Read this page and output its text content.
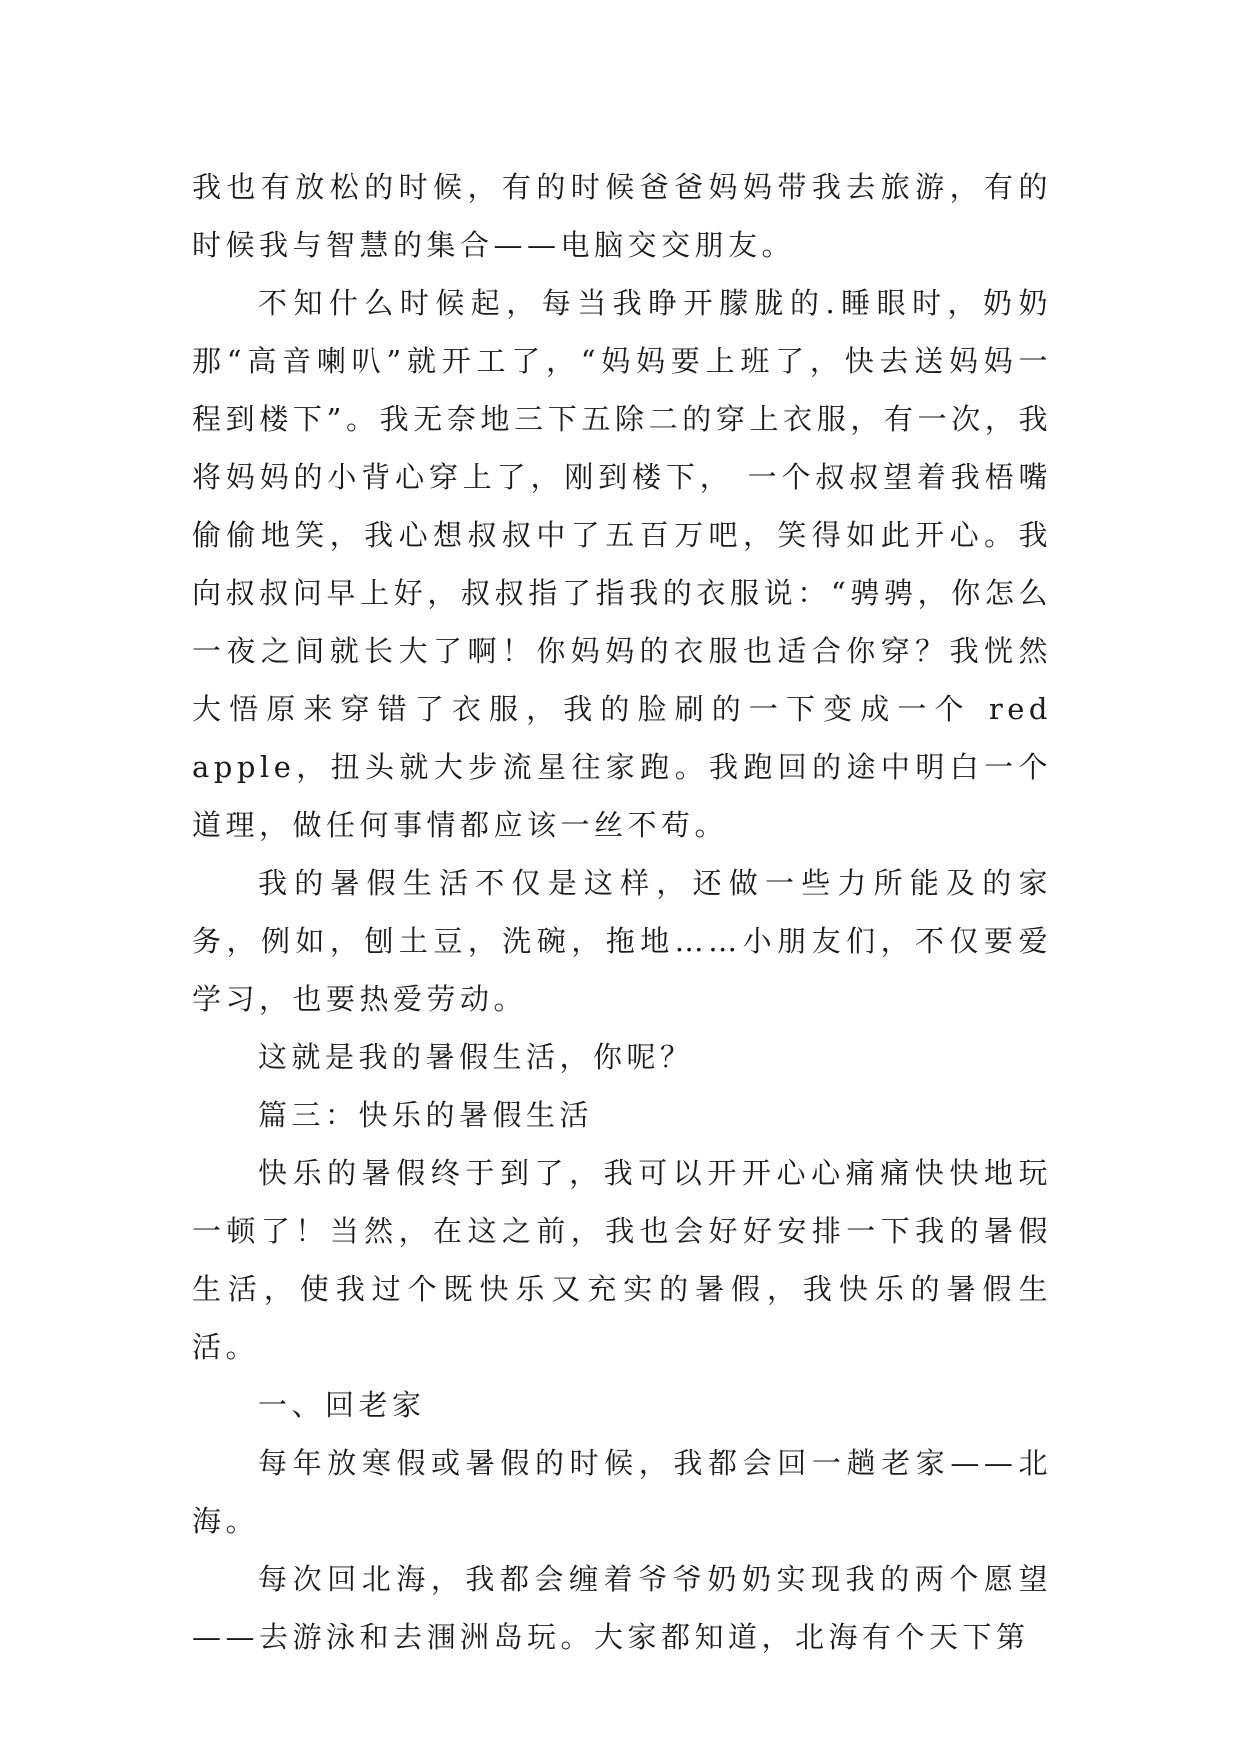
我也有放松的时候，有的时候爸爸妈妈带我去旅游，有的时候我与智慧的集合——电脑交交朋友。

不知什么时候起，每当我睁开朦胧的.睡眼时，奶奶那“高音喇叭”就开工了，“妈妈要上班了，快去送妈妈一程到楼下”。我无奈地三下五除二的穿上衣服，有一次，我将妈妈的小背心穿上了，刚到楼下， 一个叔叔望着我梧嘴偷偷地笑，我心想叔叔中了五百万吧，笑得如此开心。我向叔叔问早上好，叔叔指了指我的衣服说：“骋骋，你怎么一夜之间就长大了啊！你妈妈的衣服也适合你穿？我恍然大悟原来穿错了衣服，我的脸刷的一下变成一个 red apple，扭头就大步流星往家跑。我跑回的途中明白一个道理，做任何事情都应该一丝不苟。

我的暑假生活不仅是这样，还做一些力所能及的家务，例如，刨土豆，洗碗，拖地……小朋友们，不仅要爱学习，也要热爱劳动。

这就是我的暑假生活，你呢？

篇三：快乐的暑假生活

快乐的暑假终于到了，我可以开开心心痛痛快快地玩一顿了！当然，在这之前，我也会好好安排一下我的暑假生活，使我过个既快乐又充实的暑假，我快乐的暑假生活。

一、回老家

每年放寒假或暑假的时候，我都会回一趟老家——北海。

每次回北海，我都会缠着爷爷奶奶实现我的两个愿望——去游泳和去涠洲岛玩。大家都知道，北海有个天下第
